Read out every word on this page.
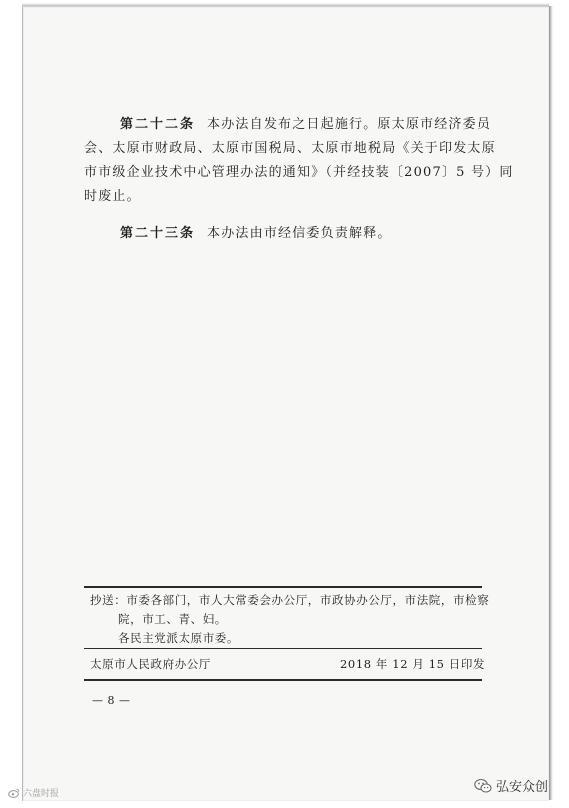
第二十二条 本办法自发布之日起施行。原太原市经济委员
会、太原市财政局、太原市国税局、太原市地税局《关于印发太原
市市级企业技术中心管理办法的通知》（并经技装〔2007〕5 号）同
时废止。
第二十三条 本办法由市经信委负责解释。
抄送：市委各部门，市人大常委会办公厅，市政协办公厅，市法院，市检察
院，市工、青、妇。
各民主党派太原市委。
太原市人民政府办公厅	2018 年 12 月 15 日印发
— 8 —
六盘时报	弘安众创
